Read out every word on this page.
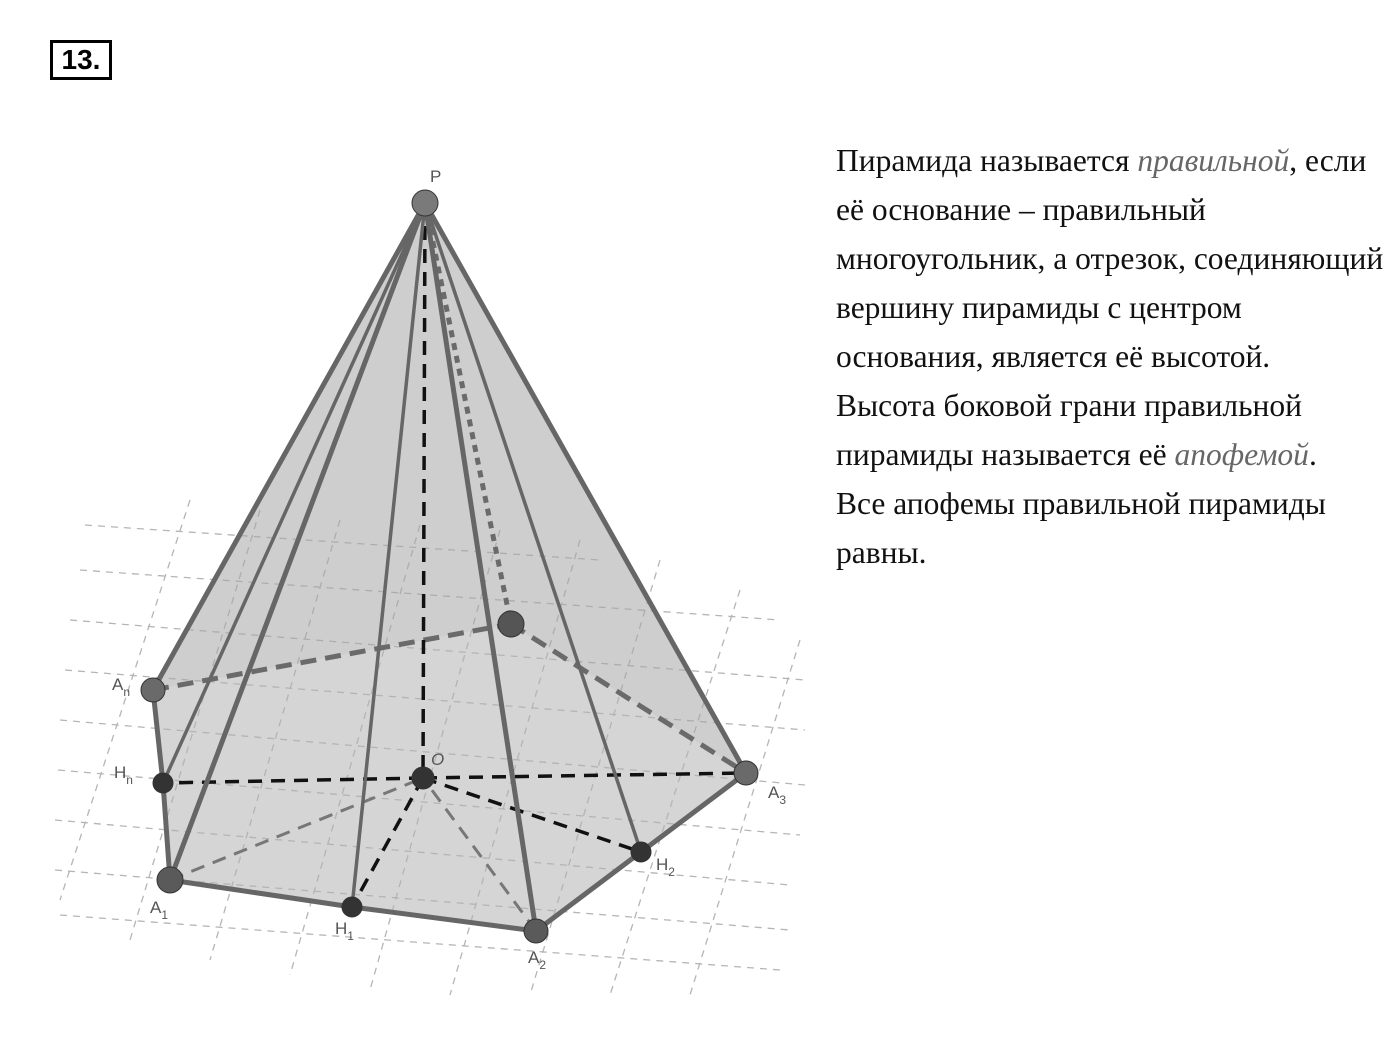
13.
P
O
$A_1$
$H_1$
$A_2$
$H_2$
$A_3$
$H_n$
$A_n$

Пирамида называется правильной, если её основание – правильный многоугольник, а отрезок, соединяющий вершину пирамиды с центром основания, является её высотой.

Высота боковой грани правильной пирамиды называется её апофемой.

Все апофемы правильной пирамиды равны.
